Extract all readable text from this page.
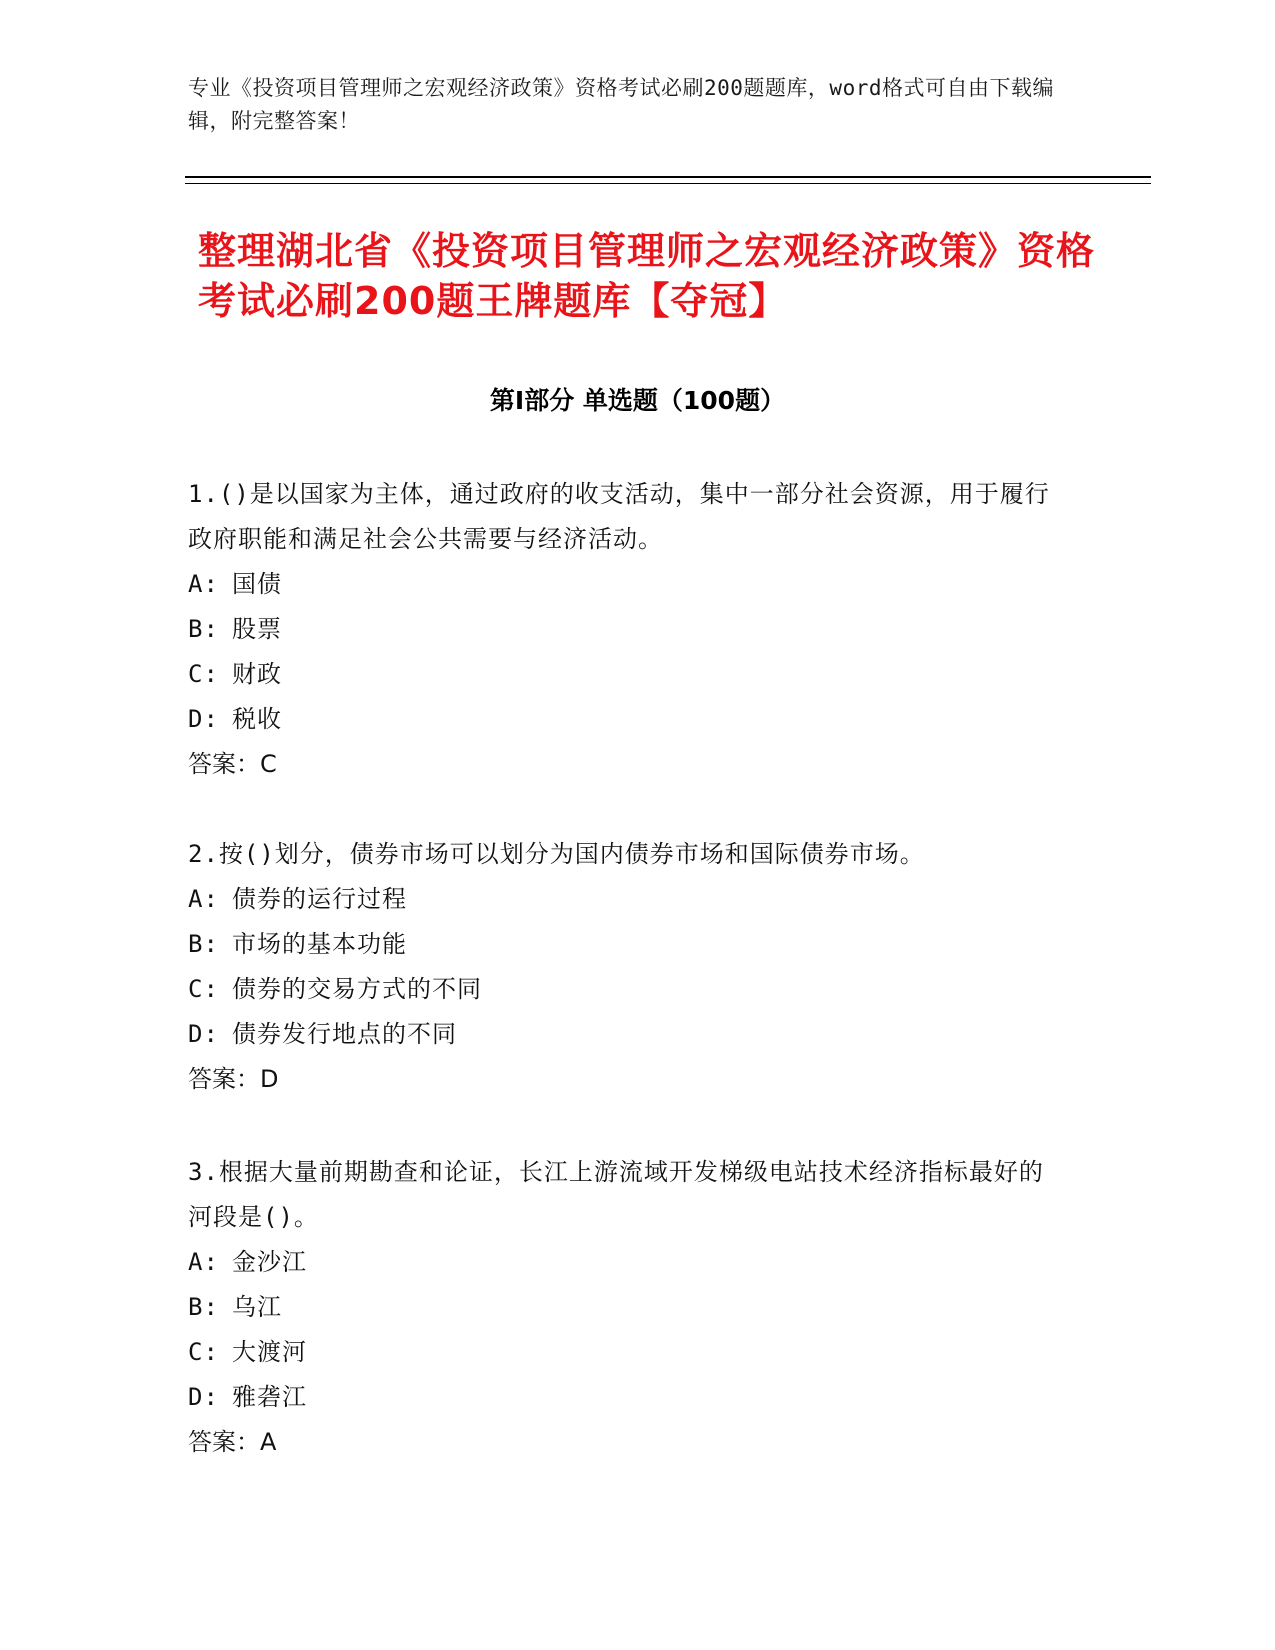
专业《投资项目管理师之宏观经济政策》资格考试必刷200题题库，word格式可自由下载编辑，附完整答案！

整理湖北省《投资项目管理师之宏观经济政策》资格考试必刷200题王牌题库【夺冠】
第Ⅰ部分 单选题（100题）

1.()是以国家为主体，通过政府的收支活动，集中一部分社会资源，用于履行政府职能和满足社会公共需要与经济活动。

A: 国债
B: 股票
C: 财政
D: 税收

答案：C

2.按()划分，债券市场可以划分为国内债券市场和国际债券市场。

A: 债券的运行过程
B: 市场的基本功能
C: 债券的交易方式的不同
D: 债券发行地点的不同

答案：D

3.根据大量前期勘查和论证，长江上游流域开发梯级电站技术经济指标最好的河段是()。

A: 金沙江
B: 乌江
C: 大渡河
D: 雅砻江

答案：A
